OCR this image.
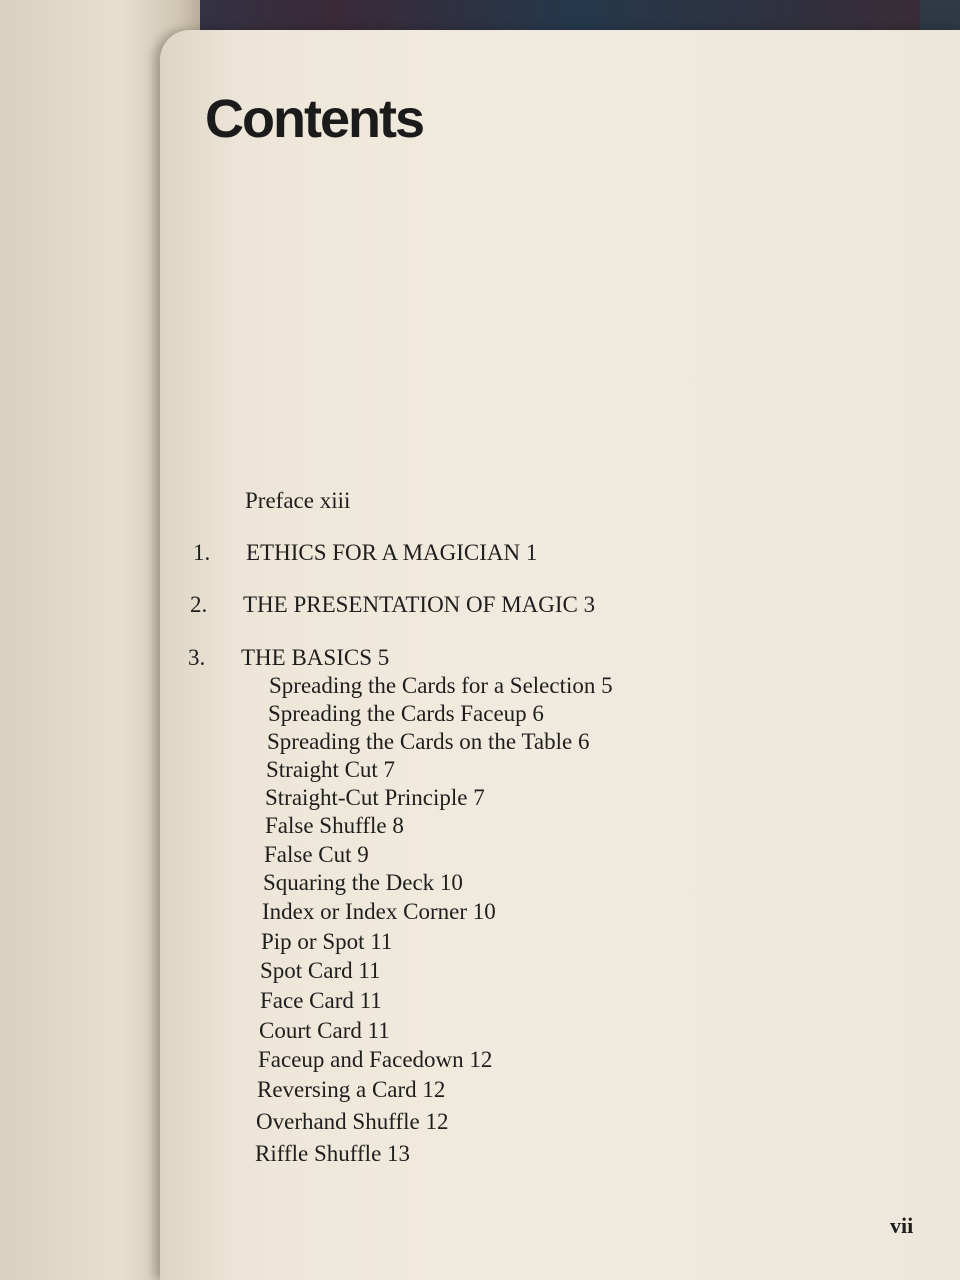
Contents
Preface xiii
1. ETHICS FOR A MAGICIAN 1
2. THE PRESENTATION OF MAGIC 3
3. THE BASICS 5
Spreading the Cards for a Selection 5
Spreading the Cards Faceup 6
Spreading the Cards on the Table 6
Straight Cut 7
Straight-Cut Principle 7
False Shuffle 8
False Cut 9
Squaring the Deck 10
Index or Index Corner 10
Pip or Spot 11
Spot Card 11
Face Card 11
Court Card 11
Faceup and Facedown 12
Reversing a Card 12
Overhand Shuffle 12
Riffle Shuffle 13
vii
